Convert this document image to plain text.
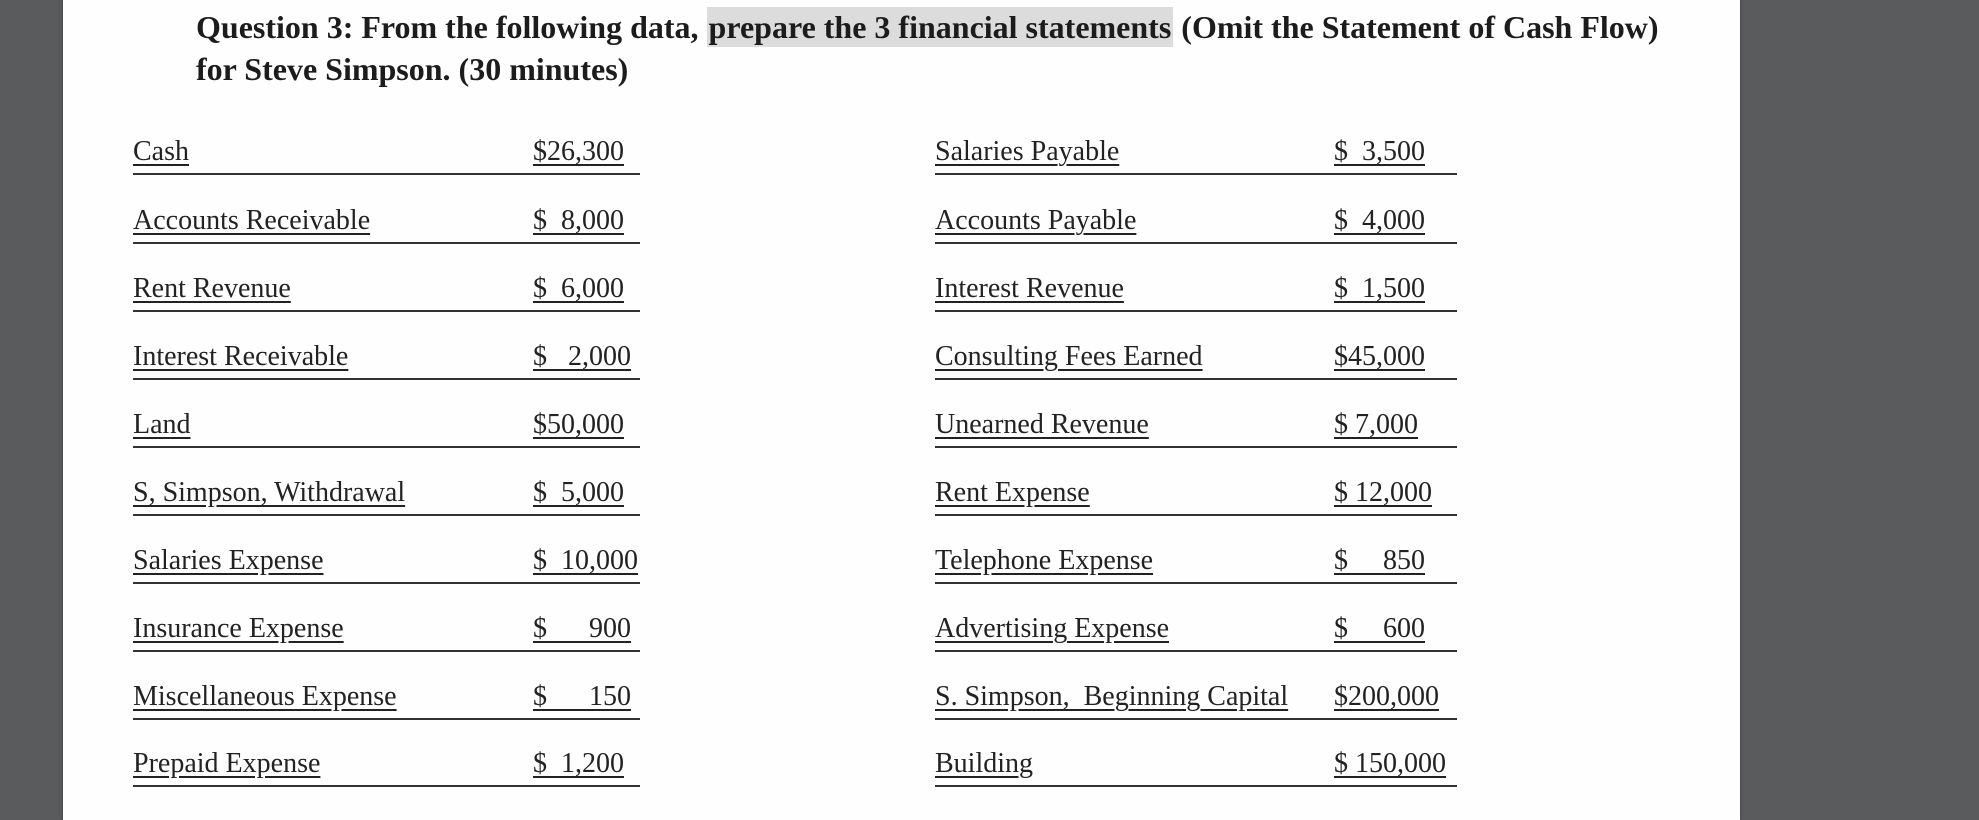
Question 3: From the following data, prepare the 3 financial statements (Omit the Statement of Cash Flow) for Steve Simpson. (30 minutes)

Cash	$26,300
Accounts Receivable	$  8,000
Rent Revenue	$  6,000
Interest Receivable	$   2,000
Land	$50,000
S, Simpson, Withdrawal	$  5,000
Salaries Expense	$  10,000
Insurance Expense	$      900
Miscellaneous Expense	$      150
Prepaid Expense	$  1,200
Salaries Payable	$  3,500
Accounts Payable	$  4,000
Interest Revenue	$  1,500
Consulting Fees Earned	$45,000
Unearned Revenue	$ 7,000
Rent Expense	$ 12,000
Telephone Expense	$     850
Advertising Expense	$     600
S. Simpson,  Beginning Capital $200,000
Building	$ 150,000
